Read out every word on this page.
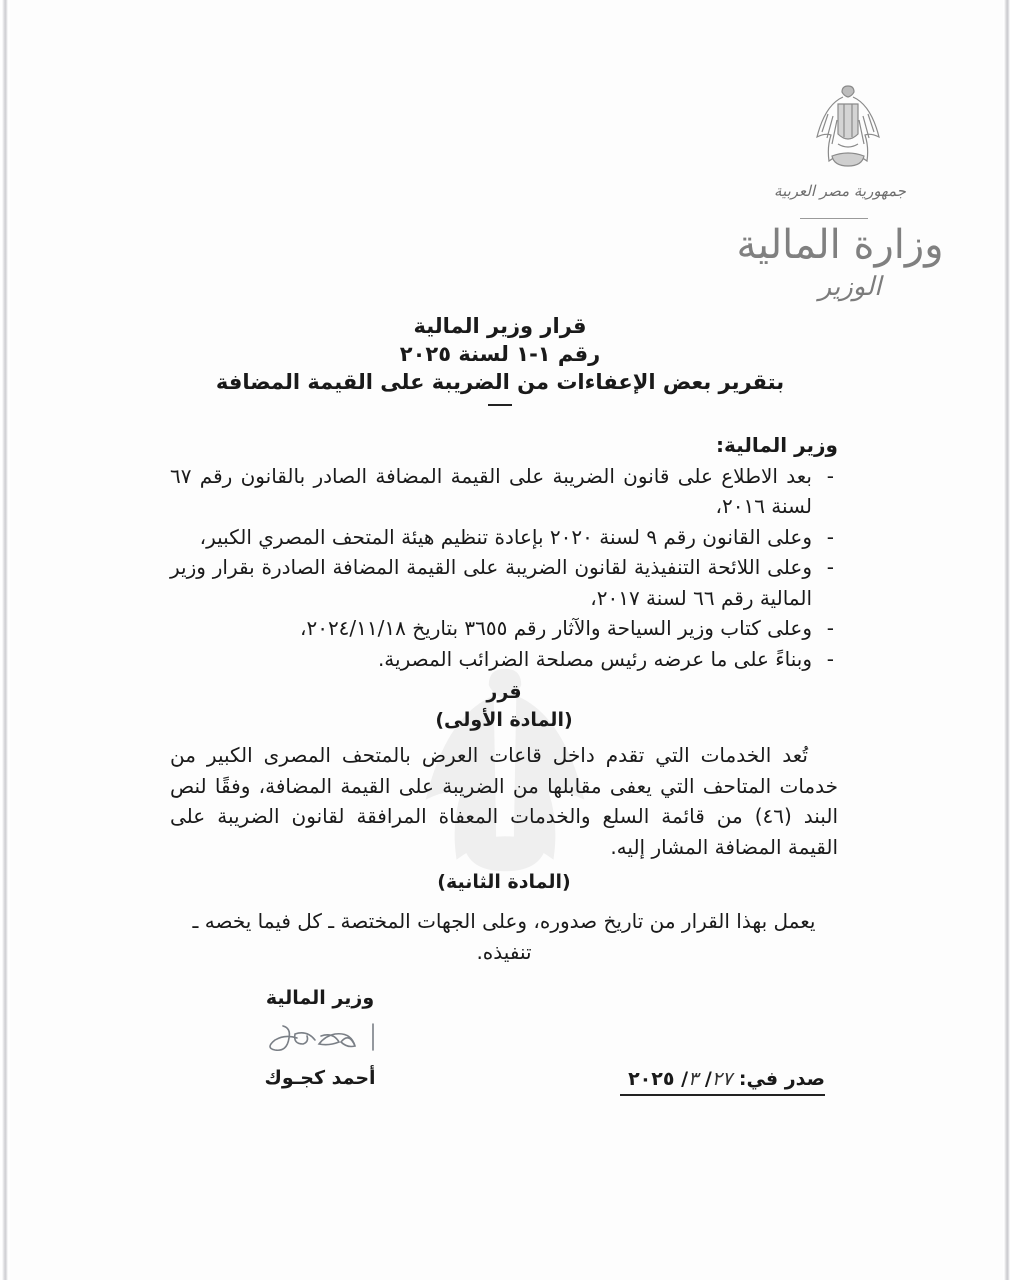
جمهورية مصر العربية
وزارة المالية
الوزير
قرار وزير المالية
رقم ١-١ لسنة ٢٠٢٥
بتقرير بعض الإعفاءات من الضريبة على القيمة المضافة
وزير المالية:
- بعد الاطلاع على قانون الضريبة على القيمة المضافة الصادر بالقانون رقم ٦٧ لسنة ٢٠١٦،
- وعلى القانون رقم ٩ لسنة ٢٠٢٠ بإعادة تنظيم هيئة المتحف المصري الكبير،
- وعلى اللائحة التنفيذية لقانون الضريبة على القيمة المضافة الصادرة بقرار وزير المالية رقم ٦٦ لسنة ٢٠١٧،
- وعلى كتاب وزير السياحة والآثار رقم ٣٦٥٥ بتاريخ ٢٠٢٤/١١/١٨،
- وبناءً على ما عرضه رئيس مصلحة الضرائب المصرية.
قرر
(المادة الأولى)
تُعد الخدمات التي تقدم داخل قاعات العرض بالمتحف المصرى الكبير من خدمات المتاحف التي يعفى مقابلها من الضريبة على القيمة المضافة، وفقًا لنص البند (٤٦) من قائمة السلع والخدمات المعفاة المرافقة لقانون الضريبة على القيمة المضافة المشار إليه.
(المادة الثانية)
يعمل بهذا القرار من تاريخ صدوره، وعلى الجهات المختصة ـ كل فيما يخصه ـ تنفيذه.
وزير المالية
أحمد كجـوك	صدر في: ٢٧/ ٣/ ٢٠٢٥
